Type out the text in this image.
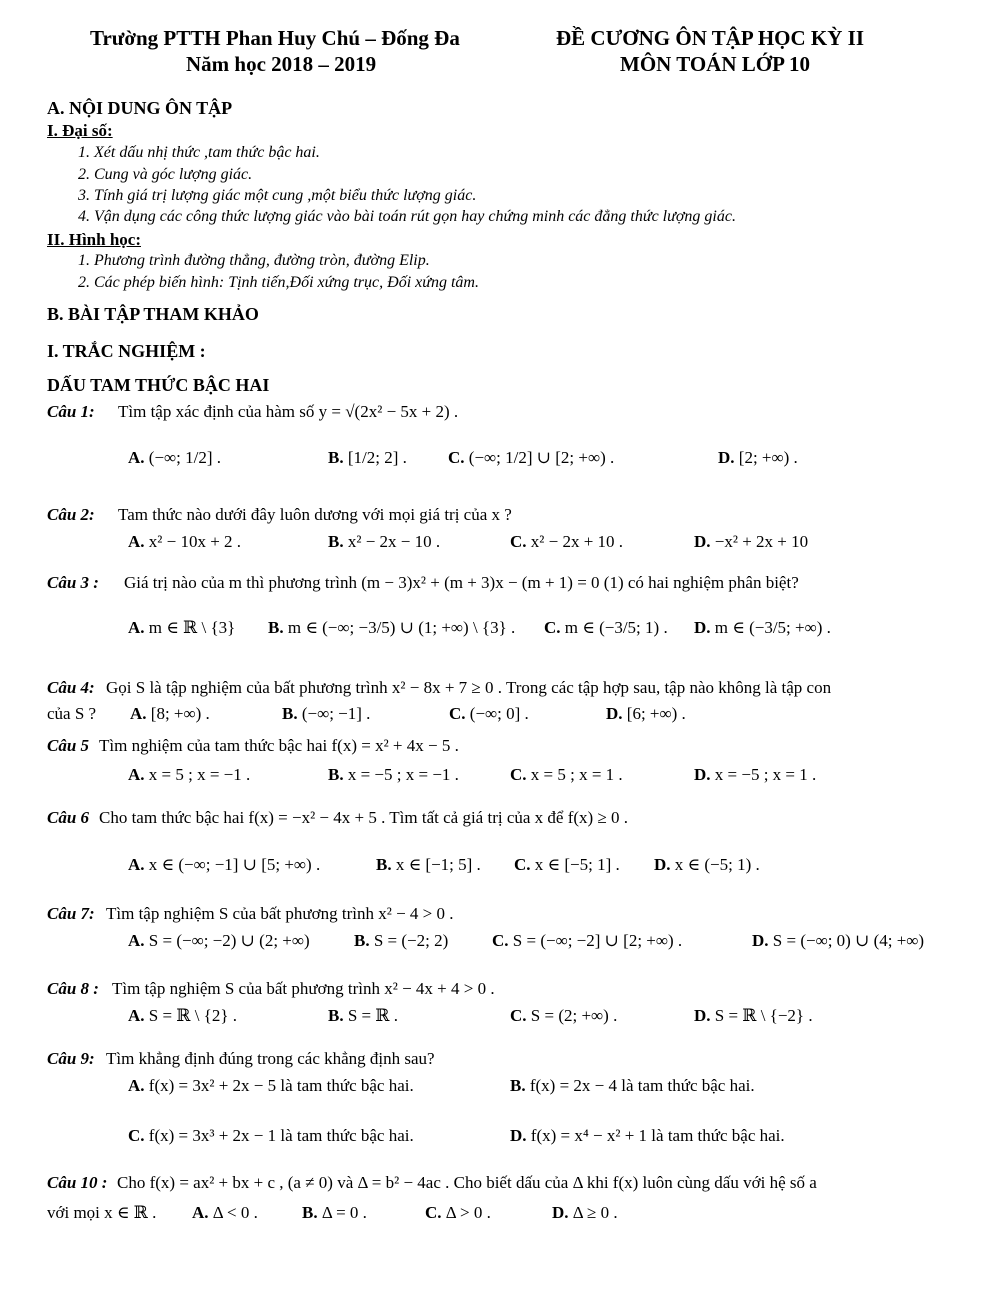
Trường PTTH Phan Huy Chú – Đống Đa
Năm học 2018 – 2019
ĐỀ CƯƠNG ÔN TẬP HỌC KỲ II
MÔN TOÁN LỚP 10
A. NỘI DUNG ÔN TẬP
I. Đại số:
1. Xét dấu nhị thức ,tam thức bậc hai.
2. Cung và góc lượng giác.
3. Tính giá trị lượng giác một cung ,một biểu thức lượng giác.
4. Vận dụng các công thức lượng giác vào bài toán rút gọn hay chứng minh các đẳng thức lượng giác.
II. Hình học:
1. Phương trình đường thẳng, đường tròn, đường Elip.
2. Các phép biến hình: Tịnh tiến,Đối xứng trục, Đối xứng tâm.
B. BÀI TẬP THAM KHẢO
I. TRẮC NGHIỆM :
DẤU TAM THỨC BẬC HAI
Câu 1: Tìm tập xác định của hàm số y = √(2x² − 5x + 2) .
A. (−∞; 1/2] .	B. [1/2; 2] . C. (−∞; 1/2] ∪ [2; +∞) .	D. [2; +∞) .
Câu 2: Tam thức nào dưới đây luôn dương với mọi giá trị của x ?
A. x² − 10x + 2 .	B. x² − 2x − 10 .	C. x² − 2x + 10 .	D. −x² + 2x + 10
Câu 3 : Giá trị nào của m thì phương trình (m − 3)x² + (m + 3)x − (m + 1) = 0 (1) có hai nghiệm phân biệt?
A. m ∈ ℝ \ {3} B. m ∈ (−∞; −3/5) ∪ (1; +∞) \ {3} . C. m ∈ (−3/5; 1) . D. m ∈ (−3/5; +∞) .
Câu 4: Gọi S là tập nghiệm của bất phương trình x² − 8x + 7 ≥ 0 . Trong các tập hợp sau, tập nào không là tập con
của S ? A. [8; +∞) .	B. (−∞; −1] .	C. (−∞; 0] .	D. [6; +∞) .
Câu 5 Tìm nghiệm của tam thức bậc hai f(x) = x² + 4x − 5 .
A. x = 5 ; x = −1 .	B. x = −5 ; x = −1 .	C. x = 5 ; x = 1 .	D. x = −5 ; x = 1 .
Câu 6 Cho tam thức bậc hai f(x) = −x² − 4x + 5 . Tìm tất cả giá trị của x để f(x) ≥ 0 .
A. x ∈ (−∞; −1] ∪ [5; +∞) .	B. x ∈ [−1; 5] . C. x ∈ [−5; 1] . D. x ∈ (−5; 1) .
Câu 7: Tìm tập nghiệm S của bất phương trình x² − 4 > 0 .
A. S = (−∞; −2) ∪ (2; +∞)	B. S = (−2; 2)	C. S = (−∞; −2] ∪ [2; +∞) .	D. S = (−∞; 0) ∪ (4; +∞)
Câu 8 : Tìm tập nghiệm S của bất phương trình x² − 4x + 4 > 0 .
A. S = ℝ \ {2} .	B. S = ℝ .	C. S = (2; +∞) .	D. S = ℝ \ {−2} .
Câu 9: Tìm khẳng định đúng trong các khẳng định sau?
A. f(x) = 3x² + 2x − 5 là tam thức bậc hai.	B. f(x) = 2x − 4 là tam thức bậc hai.
C. f(x) = 3x³ + 2x − 1 là tam thức bậc hai.	D. f(x) = x⁴ − x² + 1 là tam thức bậc hai.
Câu 10 : Cho f(x) = ax² + bx + c , (a ≠ 0) và Δ = b² − 4ac . Cho biết dấu của Δ khi f(x) luôn cùng dấu với hệ số a
với mọi x ∈ ℝ . A. Δ < 0 .	B. Δ = 0 .	C. Δ > 0 .	D. Δ ≥ 0 .
